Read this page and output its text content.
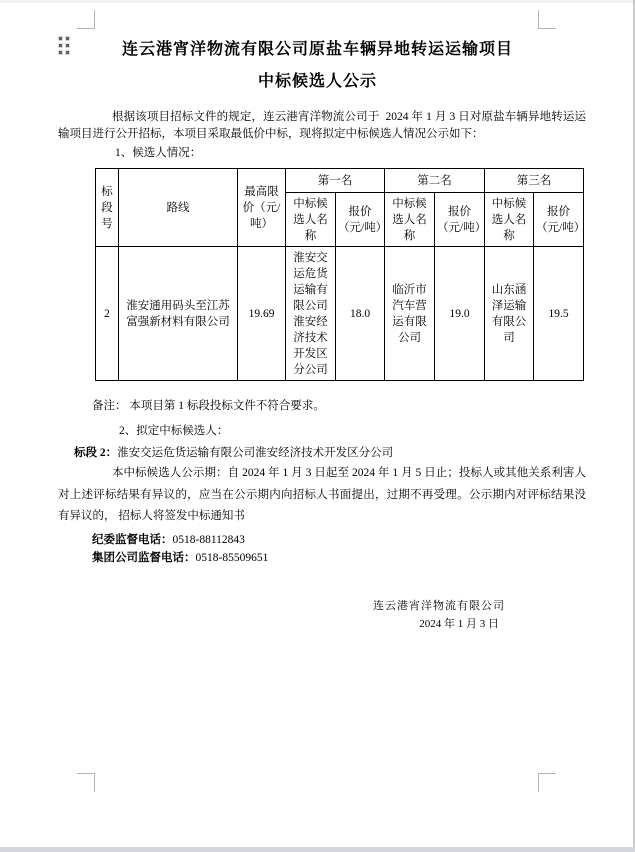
连云港宵洋物流有限公司原盐车辆异地转运运输项目
中标候选人公示
根据该项目招标文件的规定，连云港宵洋物流公司于  2024 年 1 月 3 日对原盐车辆异地转运运输项目进行公开招标，本项目采取最低价中标，现将拟定中标候选人情况公示如下：
1、候选人情况：
标段号	路线	最高限价（元/吨）	第一名		第二名		第三名	
			中标候选人名称	报价（元/吨）	中标候选人名称	报价（元/吨）	中标候选人名称	报价（元/吨）
2	淮安通用码头至江苏富强新材料有限公司	19.69	淮安交运危货运输有限公司淮安经济技术开发区分公司	18.0	临沂市汽车营运有限公司	19.0	山东涵泽运输有限公司	19.5
备注： 本项目第 1 标段投标文件不符合要求。
2、拟定中标候选人：
标段 2：淮安交运危货运输有限公司淮安经济技术开发区分公司
本中标候选人公示期：自 2024 年 1 月 3 日起至 2024 年 1 月 5 日止；投标人或其他关系利害人对上述评标结果有异议的，应当在公示期内向招标人书面提出，过期不再受理。公示期内对评标结果没有异议的， 招标人将签发中标通知书
纪委监督电话：0518-88112843
集团公司监督电话：0518-85509651
连云港宵洋物流有限公司
2024 年 1 月 3 日
